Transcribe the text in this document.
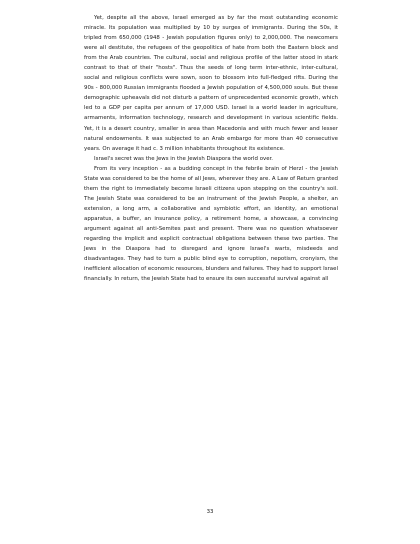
Yet, despite all the above, Israel emerged as by far the most outstanding economic miracle. Its population was multiplied by 10 by surges of immigrants. During the 50s, it tripled from 650,000 (1948 - Jewish population figures only) to 2,000,000. The newcomers were all destitute, the refugees of the geopolitics of hate from both the Eastern block and from the Arab countries. The cultural, social and religious profile of the latter stood in stark contrast to that of their "hosts". Thus the seeds of long term inter-ethnic, inter-cultural, social and religious conflicts were sown, soon to blossom into full-fledged rifts. During the 90s - 800,000 Russian immigrants flooded a Jewish population of 4,500,000 souls. But these demographic upheavals did not disturb a pattern of unprecedented economic growth, which led to a GDP per capita per annum of 17,000 USD. Israel is a world leader in agriculture, armaments, information technology, research and development in various scientific fields. Yet, it is a desert country, smaller in area than Macedonia and with much fewer and lesser natural endowments. It was subjected to an Arab embargo for more than 40 consecutive years. On average it had c. 3 million inhabitants throughout its existence.

Israel's secret was the Jews in the Jewish Diaspora the world over.

From its very inception - as a budding concept in the febrile brain of Herzl - the Jewish State was considered to be the home of all Jews, wherever they are. A Law of Return granted them the right to immediately become Israeli citizens upon stepping on the country's soil. The Jewish State was considered to be an instrument of the Jewish People, a shelter, an extension, a long arm, a collaborative and symbiotic effort, an identity, an emotional apparatus, a buffer, an insurance policy, a retirement home, a showcase, a convincing argument against all anti-Semites past and present. There was no question whatsoever regarding the implicit and explicit contractual obligations between these two parties. The Jews in the Diaspora had to disregard and ignore Israel's warts, misdeeds and disadvantages. They had to turn a public blind eye to corruption, nepotism, cronyism, the inefficient allocation of economic resources, blunders and failures. They had to support Israel financially. In return, the Jewish State had to ensure its own successful survival against all

33
